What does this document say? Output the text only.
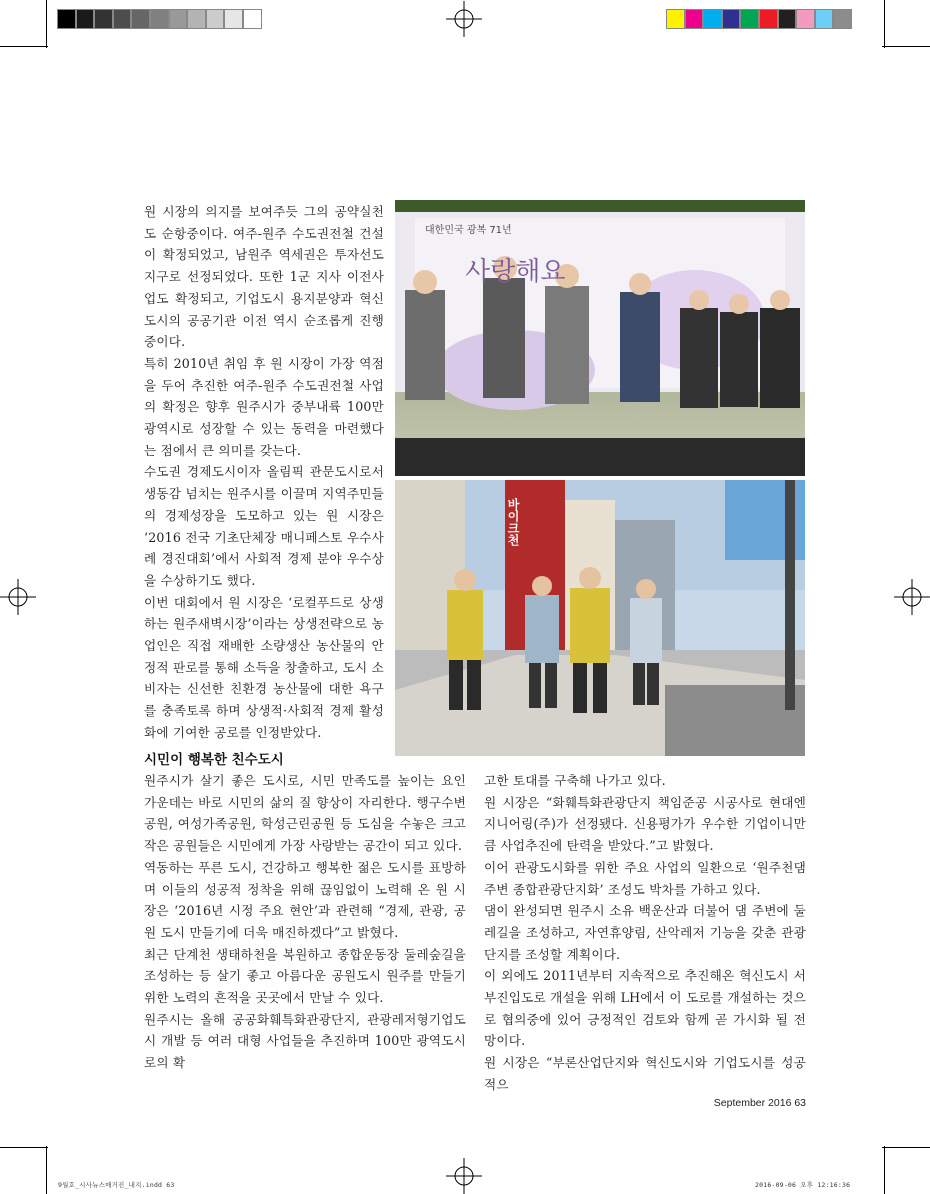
원 시장의 의지를 보여주듯 그의 공약실천도 순항중이다. 여주-원주 수도권전철 건설이 확정되었고, 남원주 역세권은 투자선도 지구로 선정되었다. 또한 1군 지사 이전사업도 확정되고, 기업도시 용지분양과 혁신도시의 공공기관 이전 역시 순조롭게 진행중이다.

특히 2010년 취임 후 원 시장이 가장 역점을 두어 추진한 여주-원주 수도권전철 사업의 확정은 향후 원주시가 중부내륙 100만 광역시로 성장할 수 있는 동력을 마련했다는 점에서 큰 의미를 갖는다.

수도권 경제도시이자 올림픽 관문도시로서 생동감 넘치는 원주시를 이끌며 지역주민들의 경제성장을 도모하고 있는 원 시장은 ‘2016 전국 기초단체장 매니페스토 우수사례 경진대회’에서 사회적 경제 분야 우수상을 수상하기도 했다.

이번 대회에서 원 시장은 ‘로컬푸드로 상생하는 원주새벽시장’이라는 상생전략으로 농업인은 직접 재배한 소량생산 농산물의 안정적 판로를 통해 소득을 창출하고, 도시 소비자는 신선한 친환경 농산물에 대한 욕구를 충족토록 하며 상생적·사회적 경제 활성화에 기여한 공로를 인정받았다.

대한민국 광복 71년
사랑해요
바이크천
시민이 행복한 친수도시

원주시가 살기 좋은 도시로, 시민 만족도를 높이는 요인 가운데는 바로 시민의 삶의 질 향상이 자리한다. 행구수변공원, 여성가족공원, 학성근린공원 등 도심을 수놓은 크고 작은 공원들은 시민에게 가장 사랑받는 공간이 되고 있다.

역동하는 푸른 도시, 건강하고 행복한 젊은 도시를 표방하며 이들의 성공적 정착을 위해 끊임없이 노력해 온 원 시장은 ‘2016년 시정 주요 현안’과 관련해 “경제, 관광, 공원 도시 만들기에 더욱 매진하겠다”고 밝혔다.

최근 단계천 생태하천을 복원하고 종합운동장 둘레숲길을 조성하는 등 살기 좋고 아름다운 공원도시 원주를 만들기 위한 노력의 흔적을 곳곳에서 만날 수 있다.

원주시는 올해 공공화훼특화관광단지, 관광레저형기업도시 개발 등 여러 대형 사업들을 추진하며 100만 광역도시로의 확

고한 토대를 구축해 나가고 있다.

원 시장은 “화훼특화관광단지 책임준공 시공사로 현대엔지니어링(주)가 선정됐다. 신용평가가 우수한 기업이니만큼 사업추진에 탄력을 받았다.”고 밝혔다.

이어 관광도시화를 위한 주요 사업의 일환으로 ‘원주천댐 주변 종합관광단지화’ 조성도 박차를 가하고 있다.

댐이 완성되면 원주시 소유 백운산과 더불어 댐 주변에 둘레길을 조성하고, 자연휴양림, 산악레저 기능을 갖춘 관광단지를 조성할 계획이다.

이 외에도 2011년부터 지속적으로 추진해온 혁신도시 서부진입도로 개설을 위해 LH에서 이 도로를 개설하는 것으로 협의중에 있어 긍정적인 검토와 함께 곧 가시화 될 전망이다.

원 시장은 “부론산업단지와 혁신도시와 기업도시를 성공적으

September 2016 63
9월호_시사뉴스매거진_내지.indd 63	2016-09-06 오후 12:16:36
